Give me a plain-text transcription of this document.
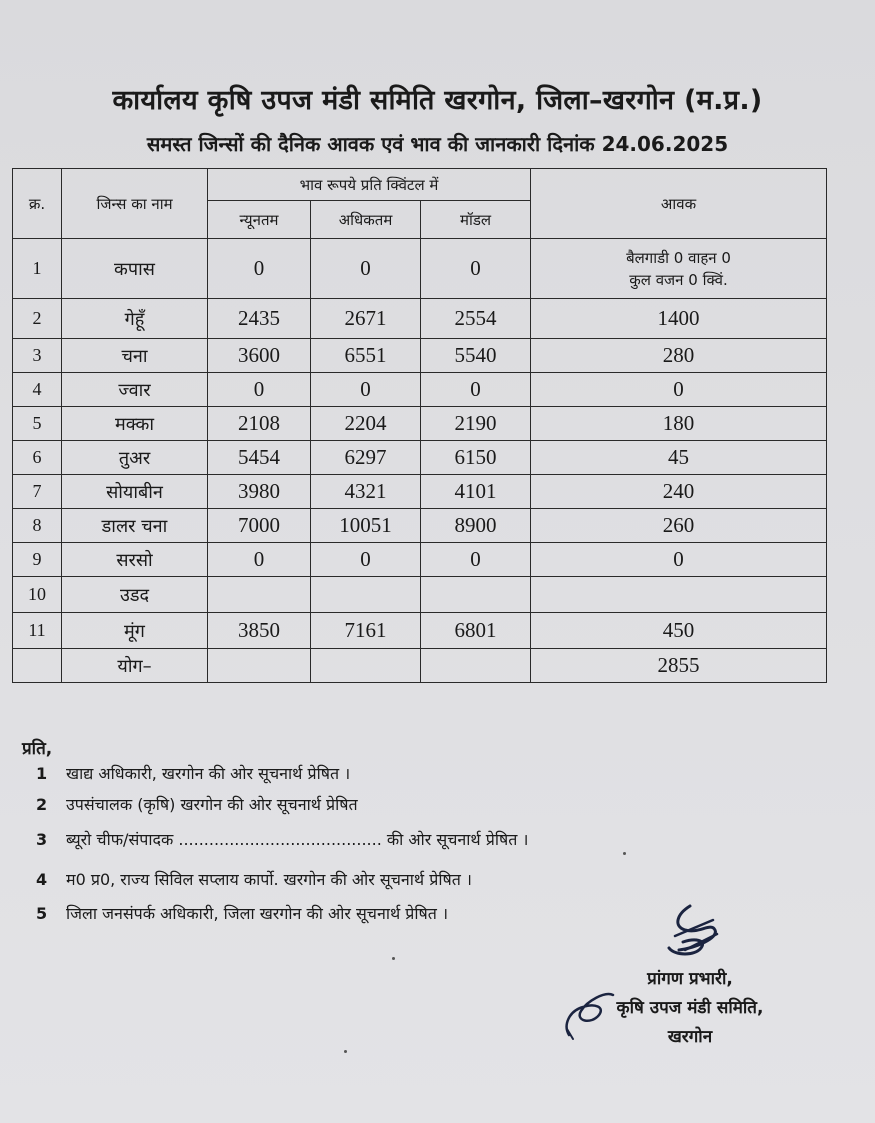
कार्यालय कृषि उपज मंडी समिति खरगोन, जिला–खरगोन (म.प्र.)
समस्त जिन्सों की दैनिक आवक एवं भाव की जानकारी दिनांक 24.06.2025
क्र.	जिन्स का नाम	भाव रूपये प्रति क्विंटल में			आवक
		न्यूनतम	अधिकतम	मॉडल	
1	कपास	0	0	0	बैलगाडी 0 वाहन 0
कुल वजन 0 क्विं.

2	गेहूँ	2435	2671	2554	1400
3	चना	3600	6551	5540	280
4	ज्वार	0	0	0	0
5	मक्का	2108	2204	2190	180
6	तुअर	5454	6297	6150	45
7	सोयाबीन	3980	4321	4101	240
8	डालर चना	7000	10051	8900	260
9	सरसो	0	0	0	0
10	उडद				
11	मूंग	3850	7161	6801	450
	योग–				2855
प्रति,
1 खाद्य अधिकारी, खरगोन की ओर सूचनार्थ प्रेषित ।
2 उपसंचालक (कृषि) खरगोन की ओर सूचनार्थ प्रेषित
3 ब्यूरो चीफ/संपादक ........................................ की ओर सूचनार्थ प्रेषित ।
4 म0 प्र0, राज्य सिविल सप्लाय कार्पो. खरगोन की ओर सूचनार्थ प्रेषित ।
5 जिला जनसंपर्क अधिकारी, जिला खरगोन की ओर सूचनार्थ प्रेषित ।
प्रांगण प्रभारी,
कृषि उपज मंडी समिति,
खरगोन
